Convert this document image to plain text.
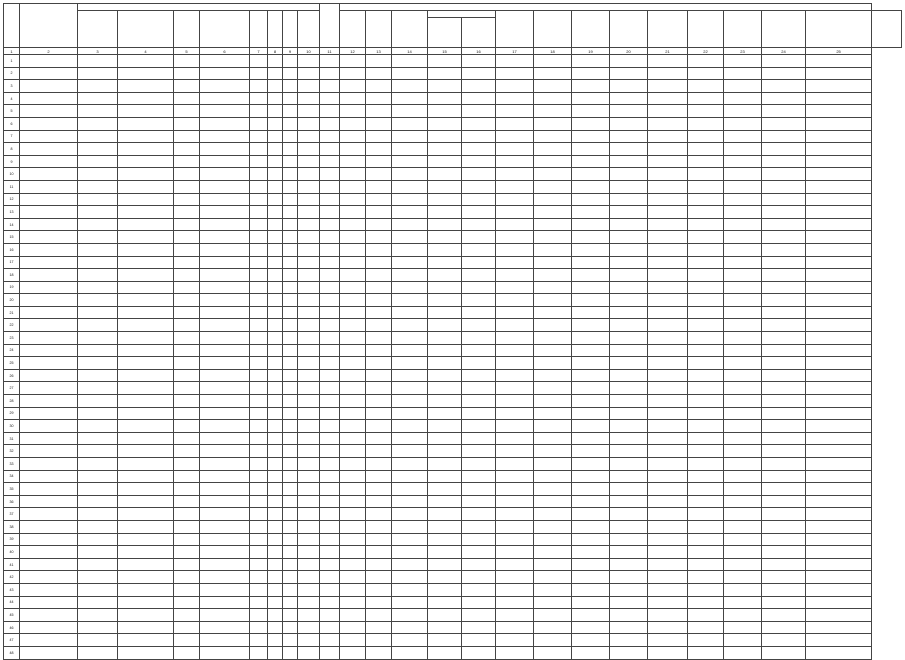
1	2	3	4	5	6	7	8	9	10	11	12	13	14	15	16	17	18	19	20	21	22	23	24	25	
1																									
2																									
3																									
4																									
5																									
6																									
7																									
8																									
9																									
10																									
11																									
12																									
13																									
14																									
15																									
16																									
17																									
18																									
19																									
20																									
21																									
22																									
23																									
24																									
25																									
26																									
27																									
28																									
29																									
30																									
31																									
32																									
33																									
34																									
35																									
36																									
37																									
38																									
39																									
40																									
41																									
42																									
43																									
44																									
45																									
46																									
47																									
48																									
